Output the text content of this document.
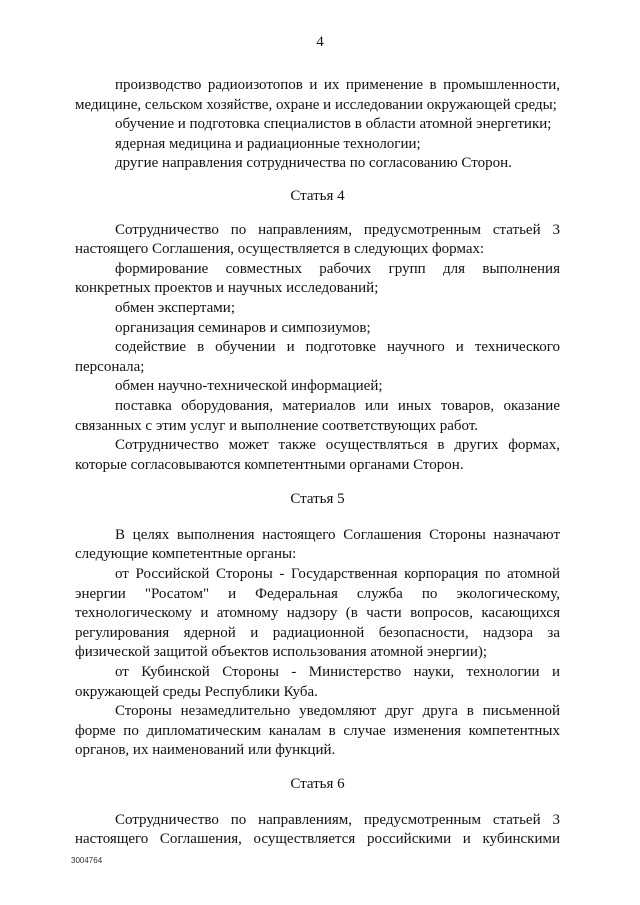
4

производство радиоизотопов и их применение в промышленности, медицине, сельском хозяйстве, охране и исследовании окружающей среды;

обучение и подготовка специалистов в области атомной энергетики;

ядерная медицина и радиационные технологии;

другие направления сотрудничества по согласованию Сторон.

Статья 4

Сотрудничество по направлениям, предусмотренным статьей 3 настоящего Соглашения, осуществляется в следующих формах:

формирование совместных рабочих групп для выполнения конкретных проектов и научных исследований;

обмен экспертами;

организация семинаров и симпозиумов;

содействие в обучении и подготовке научного и технического персонала;

обмен научно-технической информацией;

поставка оборудования, материалов или иных товаров, оказание связанных с этим услуг и выполнение соответствующих работ.

Сотрудничество может также осуществляться в других формах, которые согласовываются компетентными органами Сторон.

Статья 5

В целях выполнения настоящего Соглашения Стороны назначают следующие компетентные органы:

от Российской Стороны - Государственная корпорация по атомной энергии "Росатом" и Федеральная служба по экологическому, технологическому и атомному надзору (в части вопросов, касающихся регулирования ядерной и радиационной безопасности, надзора за физической защитой объектов использования атомной энергии);

от Кубинской Стороны - Министерство науки, технологии и окружающей среды Республики Куба.

Стороны незамедлительно уведомляют друг друга в письменной форме по дипломатическим каналам в случае изменения компетентных органов, их наименований или функций.

Статья 6

Сотрудничество по направлениям, предусмотренным статьей 3 настоящего Соглашения, осуществляется российскими и кубинскими

3004764
